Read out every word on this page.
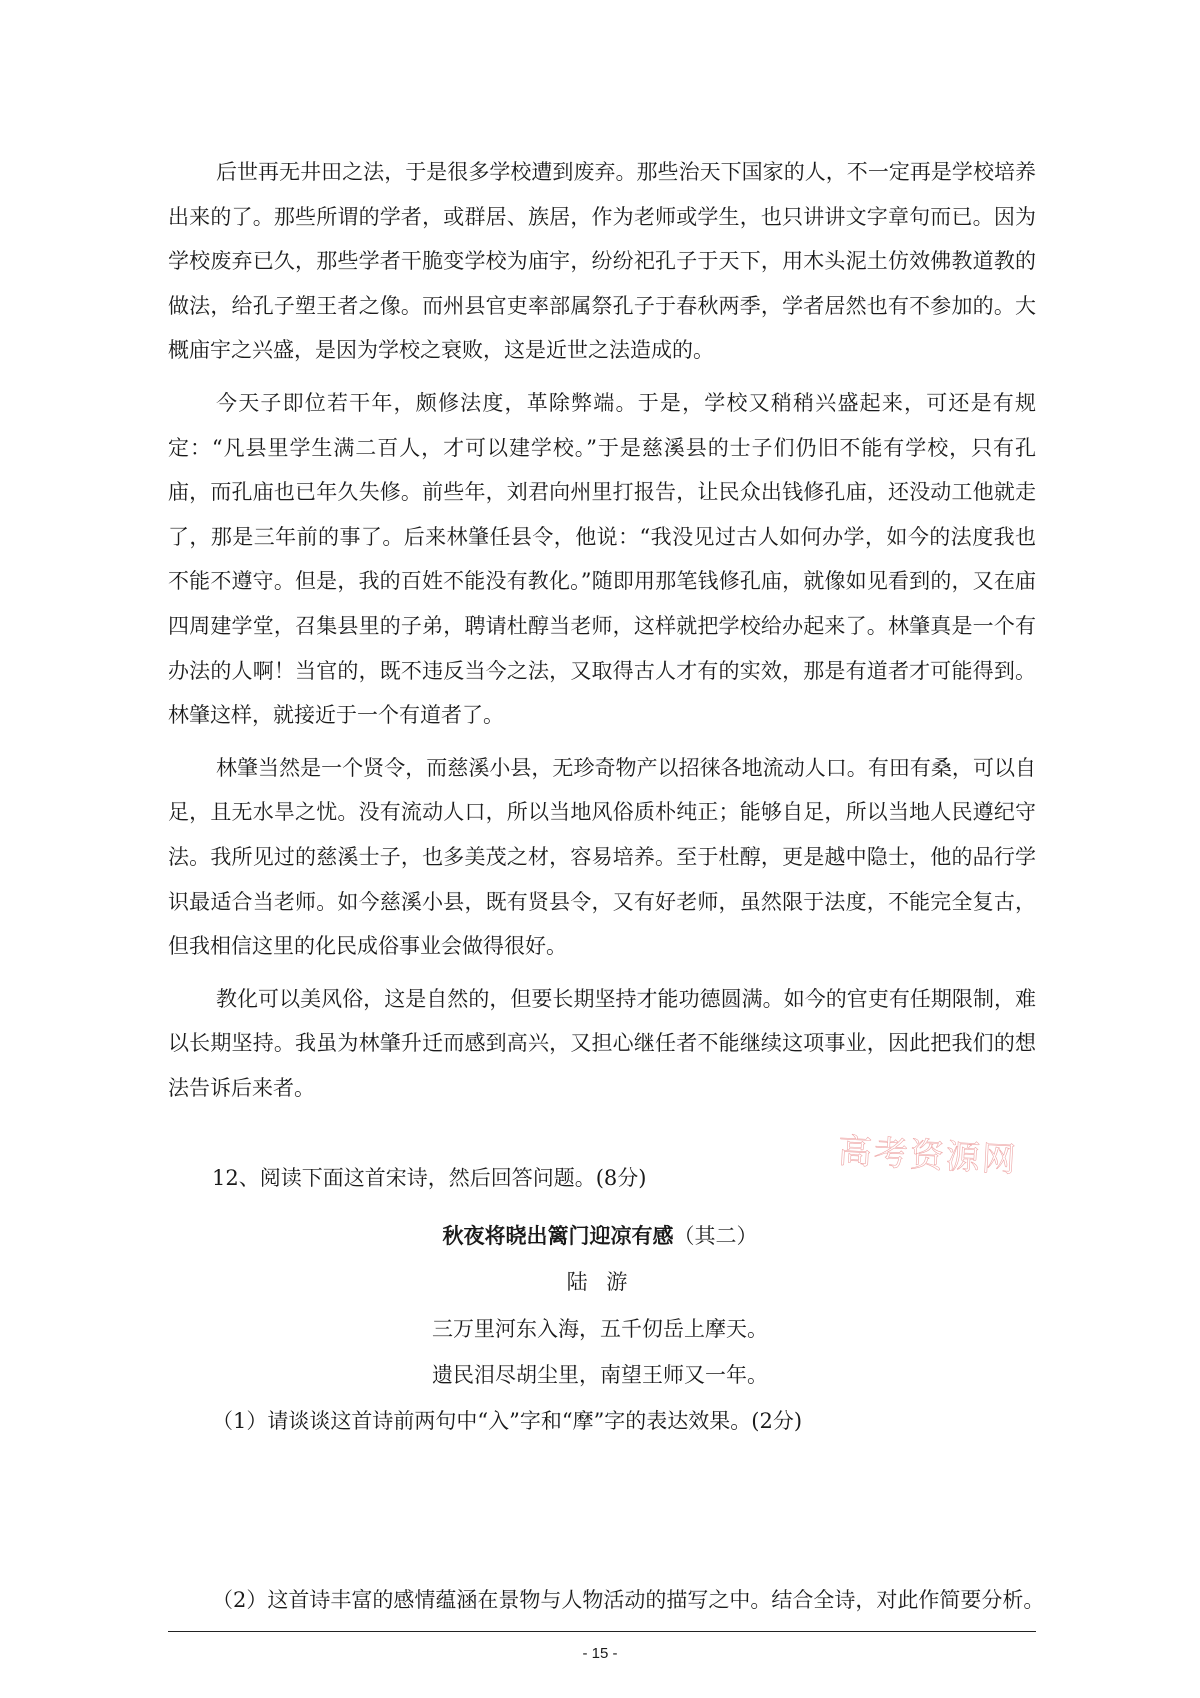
后世再无井田之法，于是很多学校遭到废弃。那些治天下国家的人，不一定再是学校培养出来的了。那些所谓的学者，或群居、族居，作为老师或学生，也只讲讲文字章句而已。因为学校废弃已久，那些学者干脆变学校为庙宇，纷纷祀孔子于天下，用木头泥土仿效佛教道教的做法，给孔子塑王者之像。而州县官吏率部属祭孔子于春秋两季，学者居然也有不参加的。大概庙宇之兴盛，是因为学校之衰败，这是近世之法造成的。

今天子即位若干年，颇修法度，革除弊端。于是，学校又稍稍兴盛起来，可还是有规定：“凡县里学生满二百人，才可以建学校。”于是慈溪县的士子们仍旧不能有学校，只有孔庙，而孔庙也已年久失修。前些年，刘君向州里打报告，让民众出钱修孔庙，还没动工他就走了，那是三年前的事了。后来林肇任县令，他说：“我没见过古人如何办学，如今的法度我也不能不遵守。但是，我的百姓不能没有教化。”随即用那笔钱修孔庙，就像如见看到的，又在庙四周建学堂，召集县里的子弟，聘请杜醇当老师，这样就把学校给办起来了。林肇真是一个有办法的人啊！当官的，既不违反当今之法，又取得古人才有的实效，那是有道者才可能得到。林肇这样，就接近于一个有道者了。

林肇当然是一个贤令，而慈溪小县，无珍奇物产以招徕各地流动人口。有田有桑，可以自足，且无水旱之忧。没有流动人口，所以当地风俗质朴纯正；能够自足，所以当地人民遵纪守法。我所见过的慈溪士子，也多美茂之材，容易培养。至于杜醇，更是越中隐士，他的品行学识最适合当老师。如今慈溪小县，既有贤县令，又有好老师，虽然限于法度，不能完全复古，但我相信这里的化民成俗事业会做得很好。

教化可以美风俗，这是自然的，但要长期坚持才能功德圆满。如今的官吏有任期限制，难以长期坚持。我虽为林肇升迁而感到高兴，又担心继任者不能继续这项事业，因此把我们的想法告诉后来者。

高考资源网
12、阅读下面这首宋诗，然后回答问题。(8分)
秋夜将晓出篱门迎凉有感（其二）
陆 游
三万里河东入海，五千仞岳上摩天。
遗民泪尽胡尘里，南望王师又一年。
（1）请谈谈这首诗前两句中“入”字和“摩”字的表达效果。(2分)
（2）这首诗丰富的感情蕴涵在景物与人物活动的描写之中。结合全诗，对此作简要分析。
- 15 -
